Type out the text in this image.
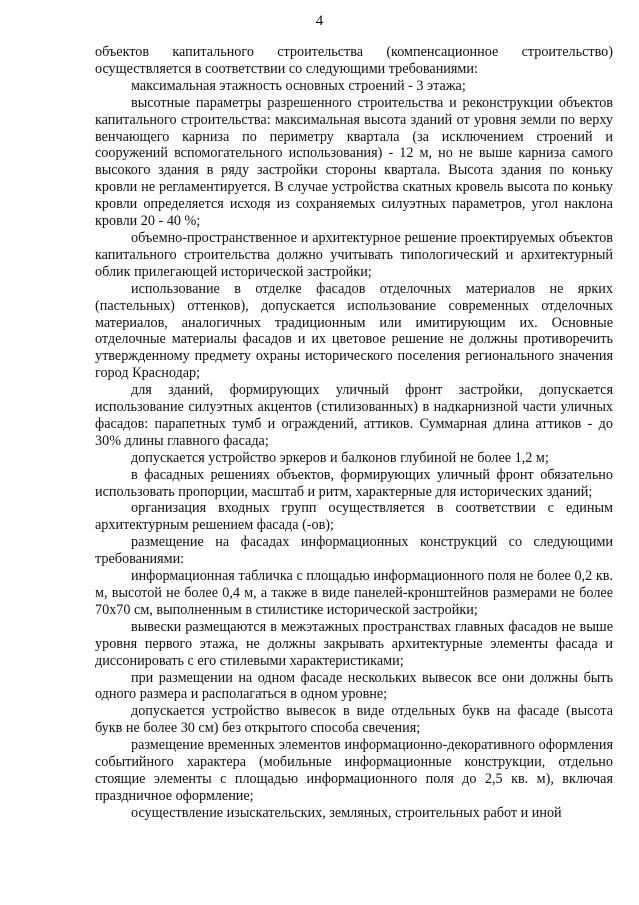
4

объектов капитального строительства (компенсационное строительство) осуществляется в соответствии со следующими требованиями:

максимальная этажность основных строений - 3 этажа;

высотные параметры разрешенного строительства и реконструкции объектов капитального строительства: максимальная высота зданий от уровня земли по верху венчающего карниза по периметру квартала (за исключением строений и сооружений вспомогательного использования) - 12 м, но не выше карниза самого высокого здания в ряду застройки стороны квартала. Высота здания по коньку кровли не регламентируется. В случае устройства скатных кровель высота по коньку кровли определяется исходя из сохраняемых силуэтных параметров, угол наклона кровли 20 - 40 %;

объемно-пространственное и архитектурное решение проектируемых объектов капитального строительства должно учитывать типологический и архитектурный облик прилегающей исторической застройки;

использование в отделке фасадов отделочных материалов не ярких (пастельных) оттенков), допускается использование современных отделочных материалов, аналогичных традиционным или имитирующим их. Основные отделочные материалы фасадов и их цветовое решение не должны противоречить утвержденному предмету охраны исторического поселения регионального значения город Краснодар;

для зданий, формирующих уличный фронт застройки, допускается использование силуэтных акцентов (стилизованных) в надкарнизной части уличных фасадов: парапетных тумб и ограждений, аттиков. Суммарная длина аттиков - до 30% длины главного фасада;

допускается устройство эркеров и балконов глубиной не более 1,2 м;

в фасадных решениях объектов, формирующих уличный фронт обязательно использовать пропорции, масштаб и ритм, характерные для исторических зданий;

организация входных групп осуществляется в соответствии с единым архитектурным решением фасада (-ов);

размещение на фасадах информационных конструкций со следующими требованиями:

информационная табличка с площадью информационного поля не более 0,2 кв. м, высотой не более 0,4 м, а также в виде панелей-кронштейнов размерами не более 70х70 см, выполненным в стилистике исторической застройки;

вывески размещаются в межэтажных пространствах главных фасадов не выше уровня первого этажа, не должны закрывать архитектурные элементы фасада и диссонировать с его стилевыми характеристиками;

при размещении на одном фасаде нескольких вывесок все они должны быть одного размера и располагаться в одном уровне;

допускается устройство вывесок в виде отдельных букв на фасаде (высота букв не более 30 см) без открытого способа свечения;

размещение временных элементов информационно-декоративного оформления событийного характера (мобильные информационные конструкции, отдельно стоящие элементы с площадью информационного поля до 2,5 кв. м), включая праздничное оформление;

осуществление изыскательских, земляных, строительных работ и иной
